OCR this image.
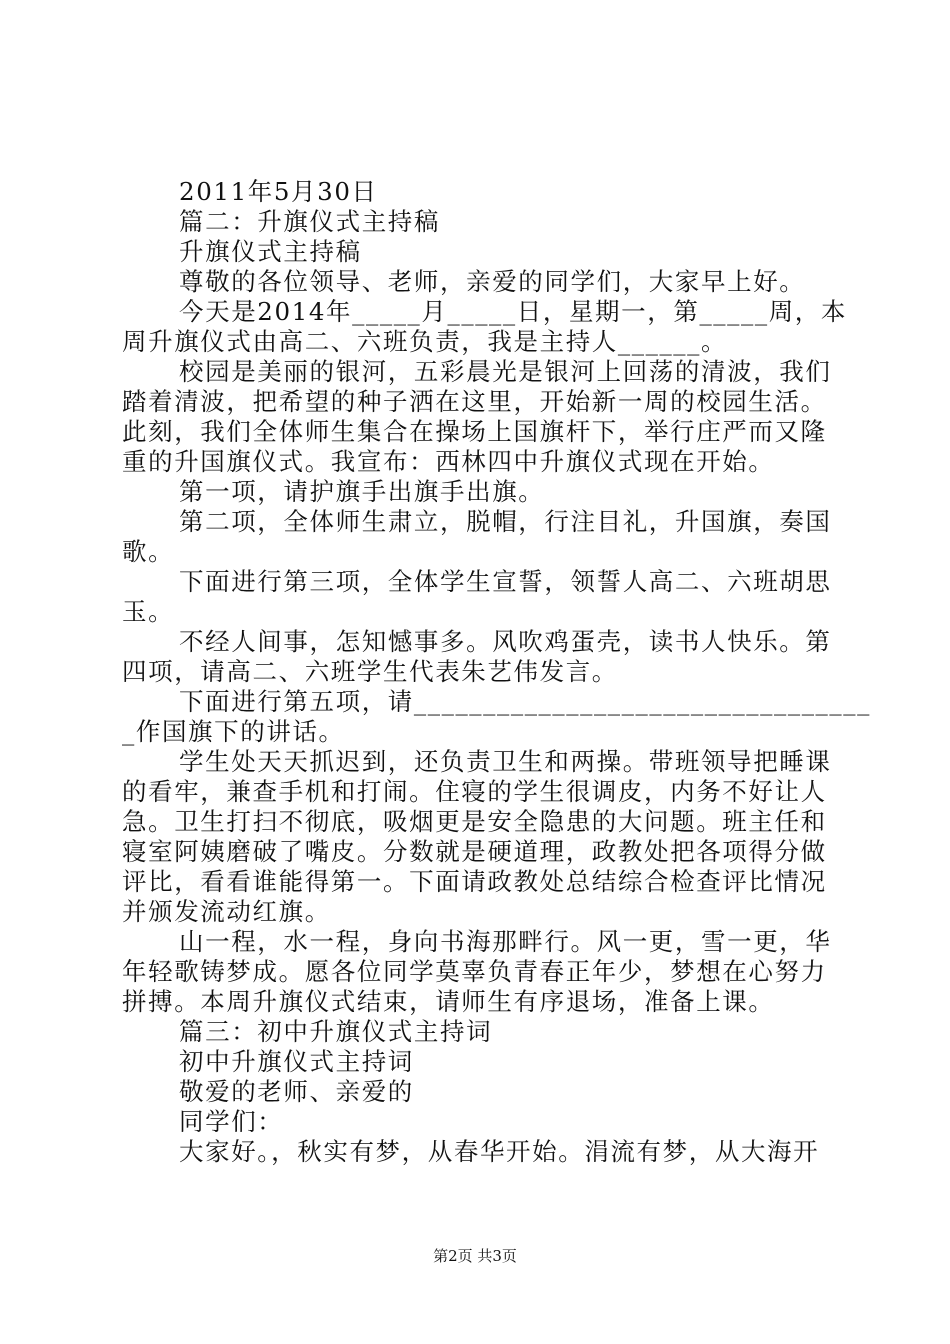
2011年5月30日
篇二：升旗仪式主持稿
升旗仪式主持稿
尊敬的各位领导、老师，亲爱的同学们，大家早上好。
今天是2014年_____月_____日，星期一，第_____周，本
周升旗仪式由高二、六班负责，我是主持人______。
校园是美丽的银河，五彩晨光是银河上回荡的清波，我们
踏着清波，把希望的种子洒在这里，开始新一周的校园生活。
此刻，我们全体师生集合在操场上国旗杆下，举行庄严而又隆
重的升国旗仪式。我宣布：西林四中升旗仪式现在开始。
第一项，请护旗手出旗手出旗。
第二项，全体师生肃立，脱帽，行注目礼，升国旗，奏国
歌。
下面进行第三项，全体学生宣誓，领誓人高二、六班胡思
玉。
不经人间事，怎知憾事多。风吹鸡蛋壳，读书人快乐。第
四项，请高二、六班学生代表朱艺伟发言。
下面进行第五项，请_________________________________
_作国旗下的讲话。
学生处天天抓迟到，还负责卫生和两操。带班领导把睡课
的看牢，兼查手机和打闹。住寝的学生很调皮，内务不好让人
急。卫生打扫不彻底，吸烟更是安全隐患的大问题。班主任和
寝室阿姨磨破了嘴皮。分数就是硬道理，政教处把各项得分做
评比，看看谁能得第一。下面请政教处总结综合检查评比情况
并颁发流动红旗。
山一程，水一程，身向书海那畔行。风一更，雪一更，华
年轻歌铸梦成。愿各位同学莫辜负青春正年少，梦想在心努力
拼搏。本周升旗仪式结束，请师生有序退场，准备上课。
篇三：初中升旗仪式主持词
初中升旗仪式主持词
敬爱的老师、亲爱的
同学们：
大家好。，秋实有梦，从春华开始。涓流有梦，从大海开
第2页 共3页
